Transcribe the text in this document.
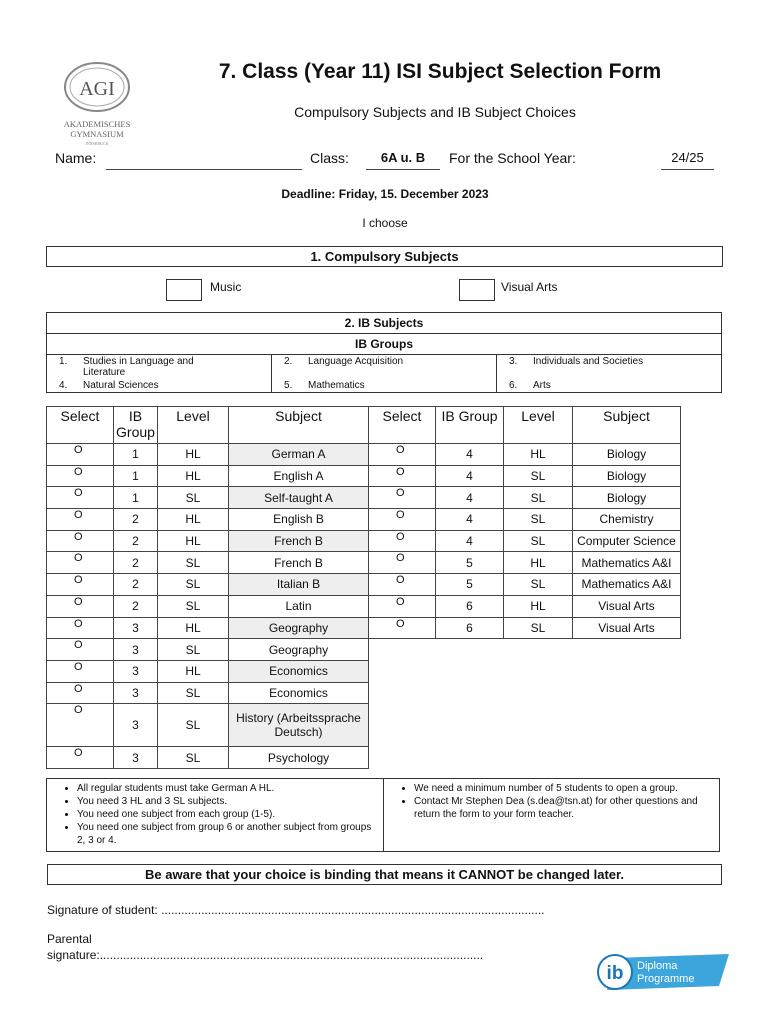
AGI
AKADEMISCHES
GYMNASIUM
INNSBRUCK
7. Class (Year 11) ISI Subject Selection Form
Compulsory Subjects and IB Subject Choices
Name:	Class:	6A u. B	For the School Year:	24/25
Deadline: Friday, 15. December 2023
I choose
1. Compulsory Subjects
Music	Visual Arts
2. IB Subjects
IB Groups
1. Studies in Language and Literature	2. Language Acquisition	3. Individuals and Societies
4. Natural Sciences	5. Mathematics	6. Arts
Select	IB Group	Level	Subject	Select	IB Group	Level	Subject
O	1	HL	German A	O	4	HL	Biology
O	1	HL	English A	O	4	SL	Biology
O	1	SL	Self-taught A	O	4	SL	Biology
O	2	HL	English B	O	4	SL	Chemistry
O	2	HL	French B	O	4	SL	Computer Science
O	2	SL	French B	O	5	HL	Mathematics A&I
O	2	SL	Italian B	O	5	SL	Mathematics A&I
O	2	SL	Latin	O	6	HL	Visual Arts
O	3	HL	Geography	O	6	SL	Visual Arts
O	3	SL	Geography				
O	3	HL	Economics				
O	3	SL	Economics				
O	3	SL	History (Arbeitssprache Deutsch)				
O	3	SL	Psychology				
• All regular students must take German A HL.
• You need 3 HL and 3 SL subjects.
• You need one subject from each group (1-5).
• You need one subject from group 6 or another subject from groups 2, 3 or 4.

• We need a minimum number of 5 students to open a group.
• Contact Mr Stephen Dea (s.dea@tsn.at) for other questions and return the form to your form teacher.
Be aware that your choice is binding that means it CANNOT be changed later.
Signature of student: ...................................................................................................................
Parental
signature:...................................................................................................................
ib Diploma
Programme
